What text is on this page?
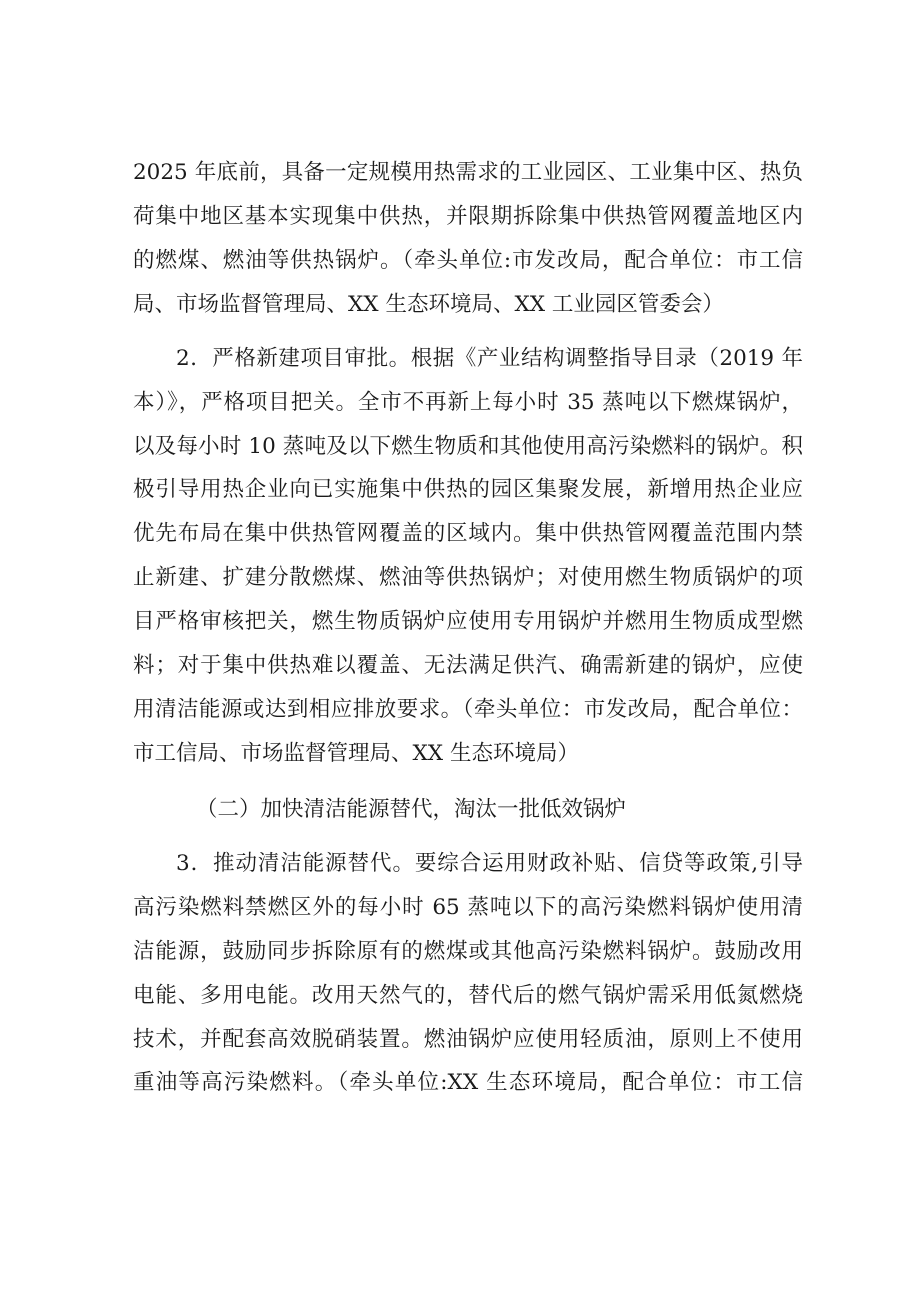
2025 年底前，具备一定规模用热需求的工业园区、工业集中区、热负
荷集中地区基本实现集中供热，并限期拆除集中供热管网覆盖地区内
的燃煤、燃油等供热锅炉。（牵头单位:市发改局，配合单位：市工信
局、市场监督管理局、XX 生态环境局、XX 工业园区管委会）
2．严格新建项目审批。根据《产业结构调整指导目录（2019 年
本）》，严格项目把关。全市不再新上每小时 35 蒸吨以下燃煤锅炉，
以及每小时 10 蒸吨及以下燃生物质和其他使用高污染燃料的锅炉。积
极引导用热企业向已实施集中供热的园区集聚发展，新增用热企业应
优先布局在集中供热管网覆盖的区域内。集中供热管网覆盖范围内禁
止新建、扩建分散燃煤、燃油等供热锅炉；对使用燃生物质锅炉的项
目严格审核把关，燃生物质锅炉应使用专用锅炉并燃用生物质成型燃
料；对于集中供热难以覆盖、无法满足供汽、确需新建的锅炉，应使
用清洁能源或达到相应排放要求。（牵头单位：市发改局，配合单位：
市工信局、市场监督管理局、XX 生态环境局）
（二）加快清洁能源替代，淘汰一批低效锅炉
3．推动清洁能源替代。要综合运用财政补贴、信贷等政策,引导
高污染燃料禁燃区外的每小时 65 蒸吨以下的高污染燃料锅炉使用清
洁能源，鼓励同步拆除原有的燃煤或其他高污染燃料锅炉。鼓励改用
电能、多用电能。改用天然气的，替代后的燃气锅炉需采用低氮燃烧
技术，并配套高效脱硝装置。燃油锅炉应使用轻质油，原则上不使用
重油等高污染燃料。（牵头单位:XX 生态环境局，配合单位：市工信
